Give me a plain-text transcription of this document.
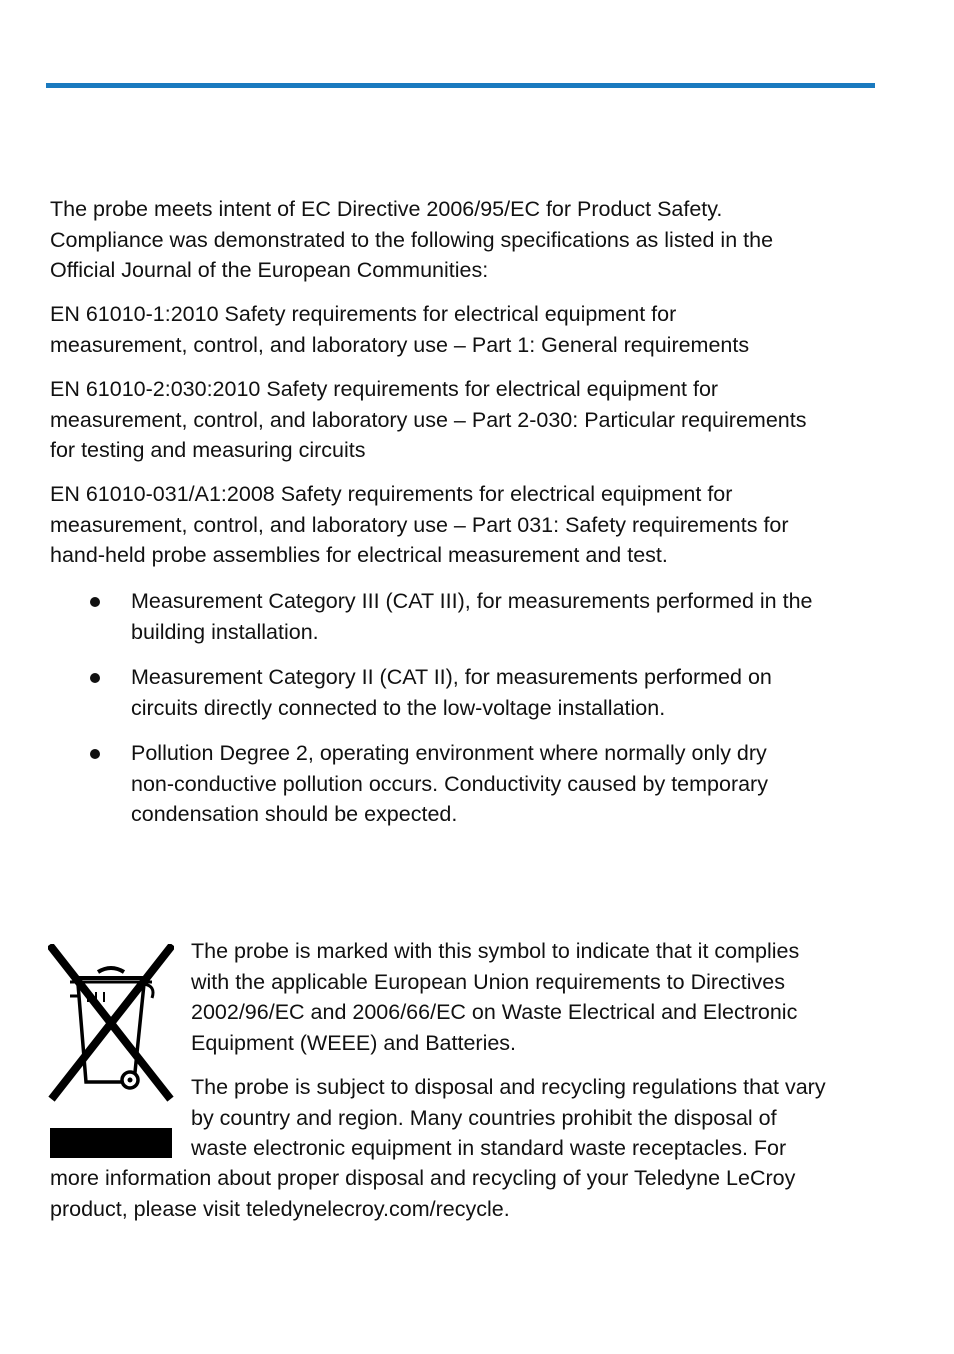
The probe meets intent of EC Directive 2006/95/EC for Product Safety.
Compliance was demonstrated to the following specifications as listed in the
Official Journal of the European Communities:

EN 61010-1:2010 Safety requirements for electrical equipment for
measurement, control, and laboratory use – Part 1: General requirements

EN 61010-2:030:2010 Safety requirements for electrical equipment for
measurement, control, and laboratory use – Part 2-030: Particular requirements
for testing and measuring circuits

EN 61010-031/A1:2008 Safety requirements for electrical equipment for
measurement, control, and laboratory use – Part 031: Safety requirements for
hand-held probe assemblies for electrical measurement and test.

Measurement Category III (CAT III), for measurements performed in the
building installation.

Measurement Category II (CAT II), for measurements performed on
circuits directly connected to the low-voltage installation.

Pollution Degree 2, operating environment where normally only dry
non-conductive pollution occurs. Conductivity caused by temporary
condensation should be expected.

The probe is marked with this symbol to indicate that it complies
with the applicable European Union requirements to Directives
2002/96/EC and 2006/66/EC on Waste Electrical and Electronic
Equipment (WEEE) and Batteries.

The probe is subject to disposal and recycling regulations that vary
by country and region. Many countries prohibit the disposal of
waste electronic equipment in standard waste receptacles. For

more information about proper disposal and recycling of your Teledyne LeCroy
product, please visit teledynelecroy.com/recycle.
